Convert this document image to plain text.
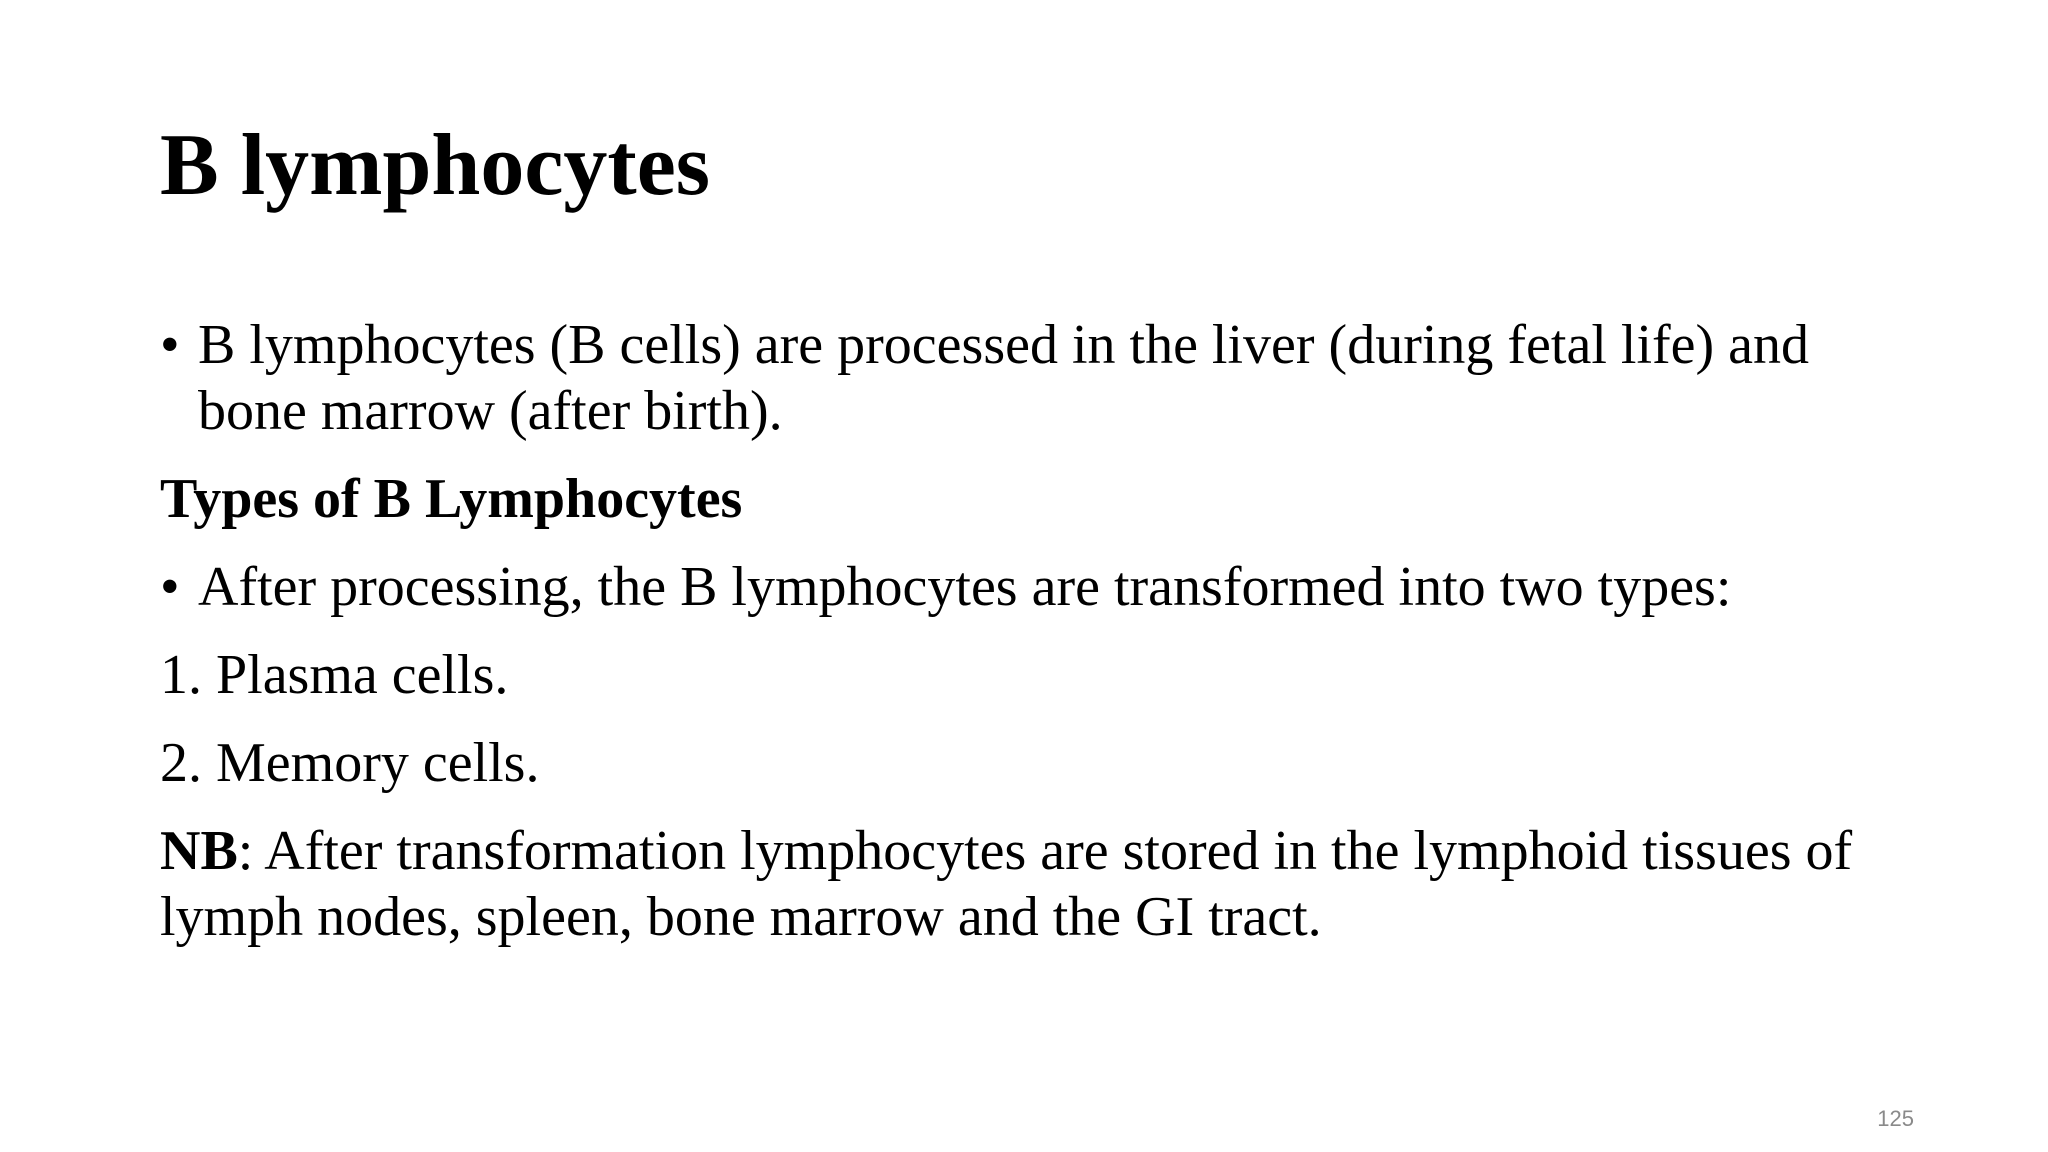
B lymphocytes

• B lymphocytes (B cells) are processed in the liver (during fetal life) and bone marrow (after birth).

Types of B Lymphocytes

• After processing, the B lymphocytes are transformed into two types:

1. Plasma cells.

2. Memory cells.

NB: After transformation lymphocytes are stored in the lymphoid tissues of lymph nodes, spleen, bone marrow and the GI tract.

125
